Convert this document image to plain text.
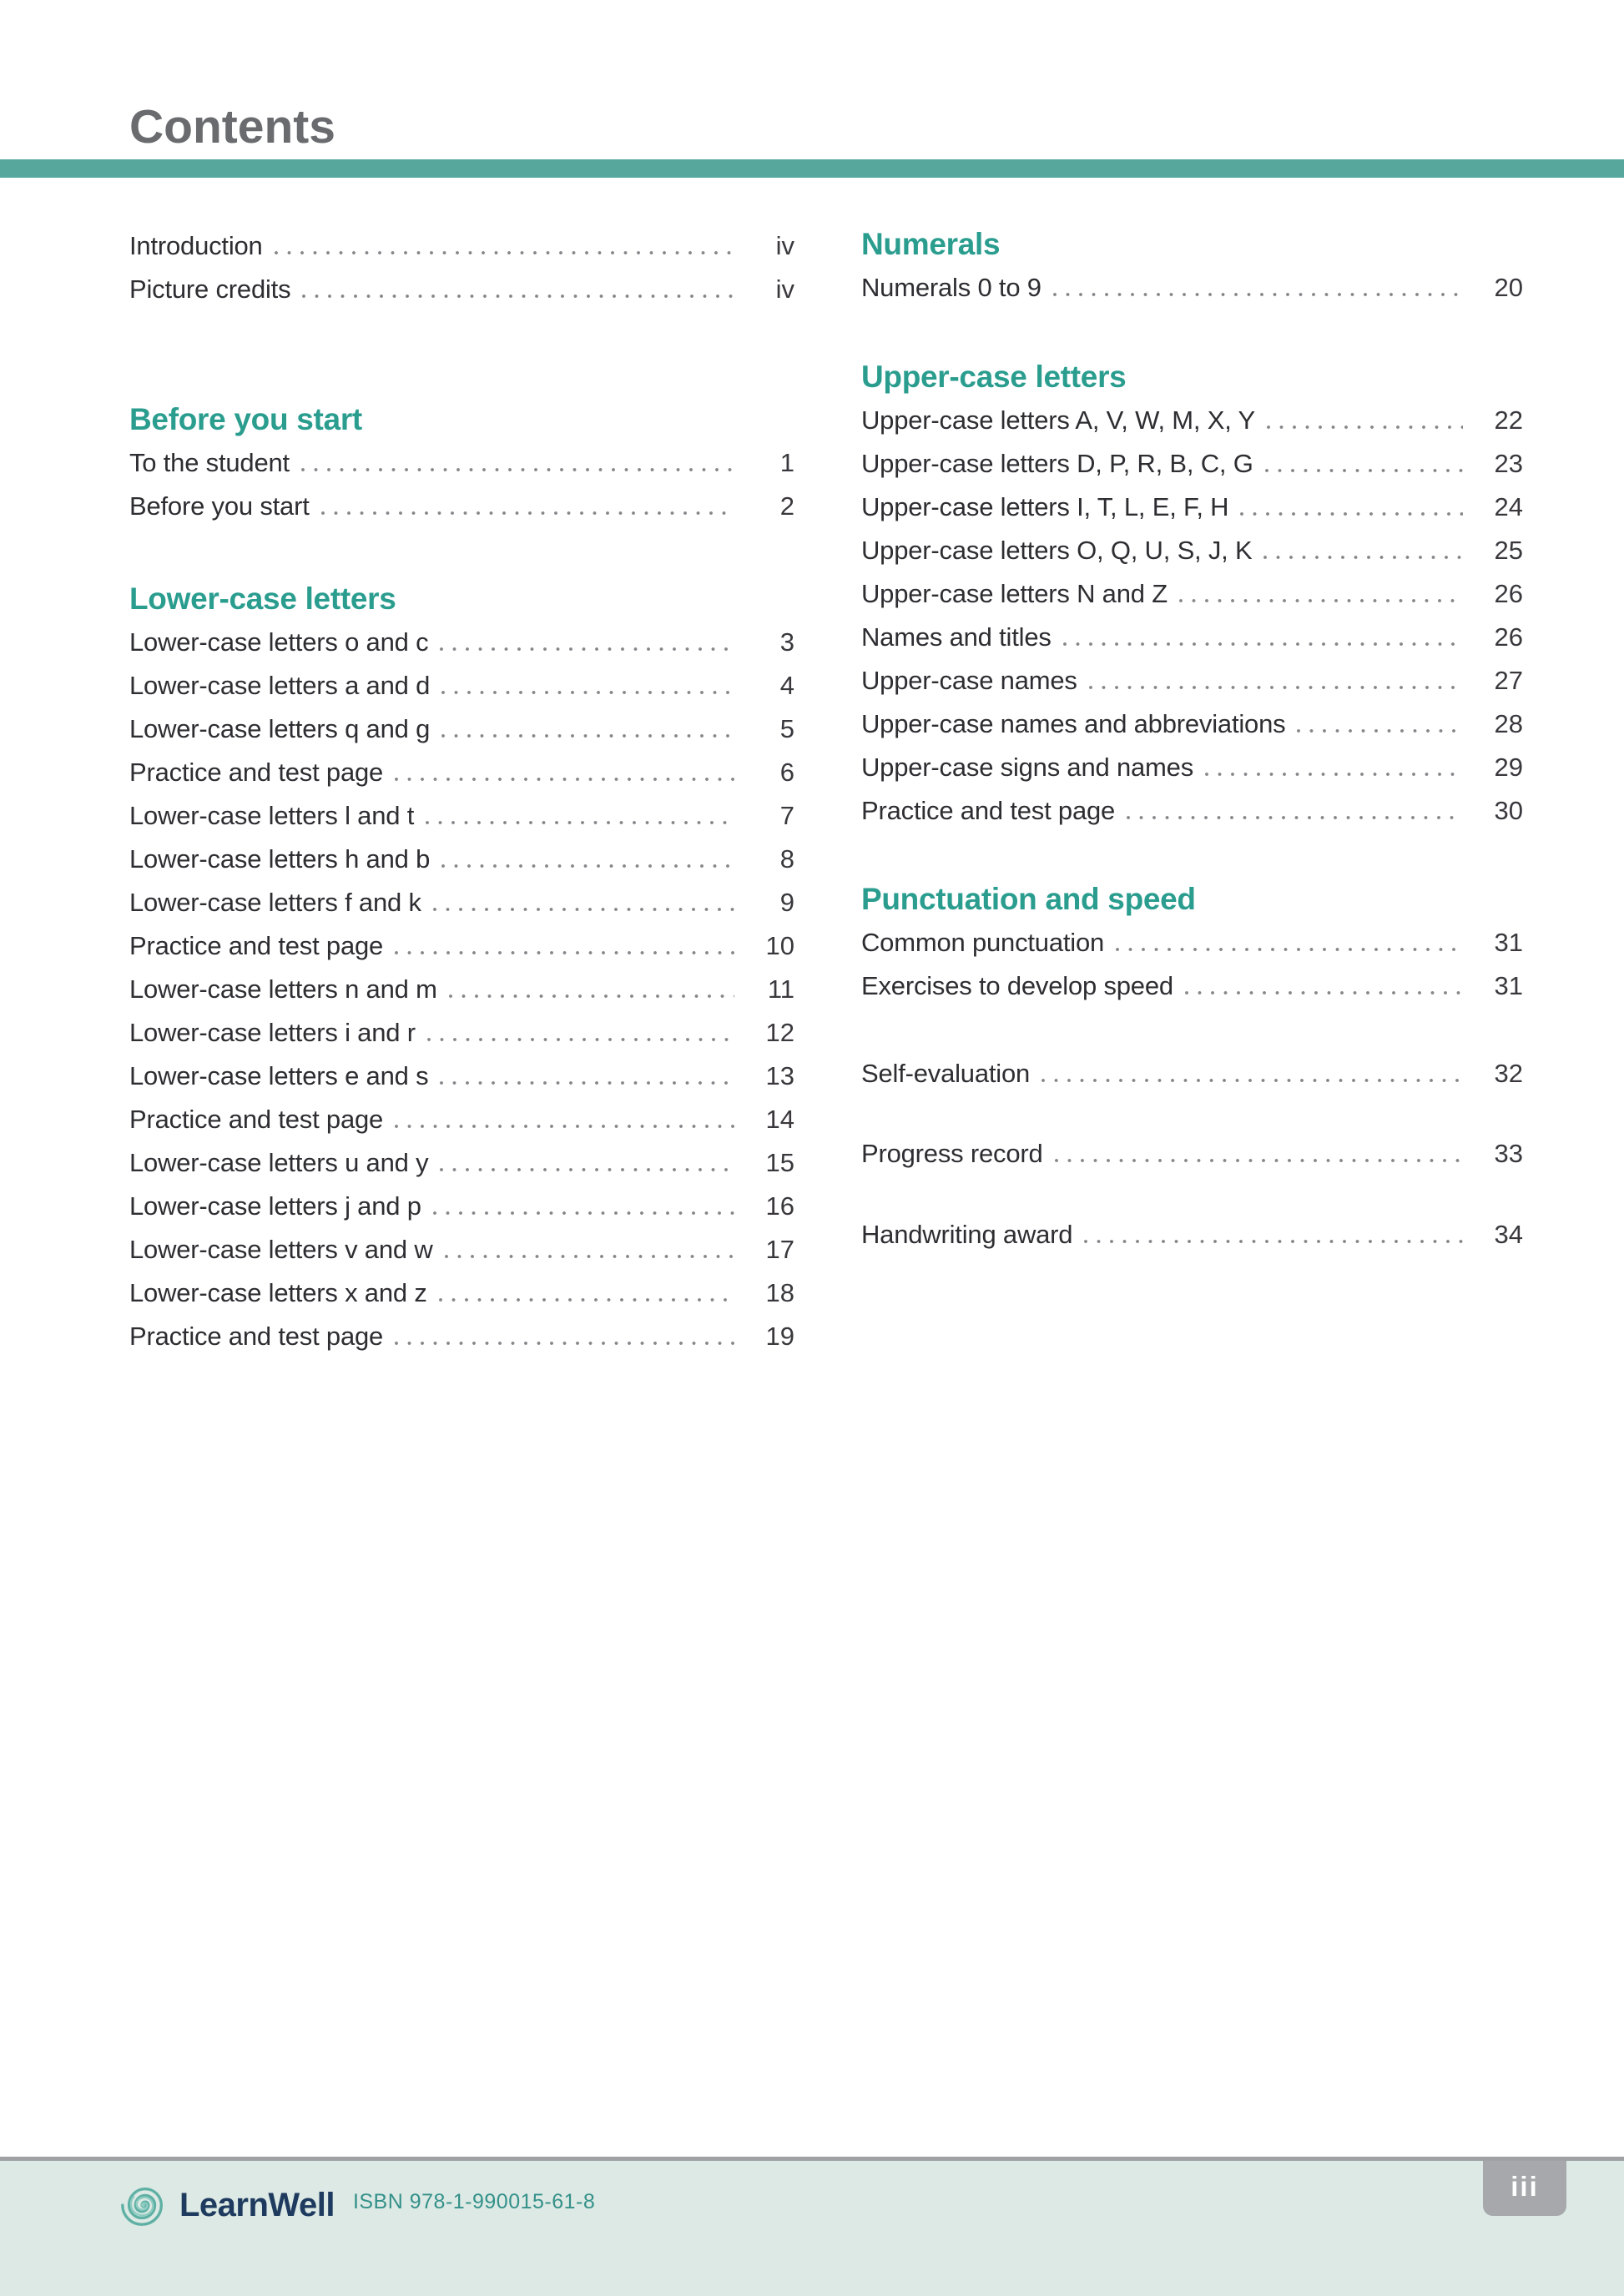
Contents
Introduction	iv
Picture credits	iv
Before you start
To the student	1
Before you start	2
Lower-case letters
Lower-case letters o and c	3
Lower-case letters a and d	4
Lower-case letters q and g	5
Practice and test page	6
Lower-case letters l and t	7
Lower-case letters h and b	8
Lower-case letters f and k	9
Practice and test page	10
Lower-case letters n and m	11
Lower-case letters i and r	12
Lower-case letters e and s	13
Practice and test page	14
Lower-case letters u and y	15
Lower-case letters j and p	16
Lower-case letters v and w	17
Lower-case letters x and z	18
Practice and test page	19
Numerals
Numerals 0 to 9	20
Upper-case letters
Upper-case letters A, V, W, M, X, Y	22
Upper-case letters D, P, R, B, C, G	23
Upper-case letters I, T, L, E, F, H	24
Upper-case letters O, Q, U, S, J, K	25
Upper-case letters N and Z	26
Names and titles	26
Upper-case names	27
Upper-case names and abbreviations	28
Upper-case signs and names	29
Practice and test page	30
Punctuation and speed
Common punctuation	31
Exercises to develop speed	31
Self-evaluation	32
Progress record	33
Handwriting award	34
LearnWell ISBN 978-1-990015-61-8	iii
